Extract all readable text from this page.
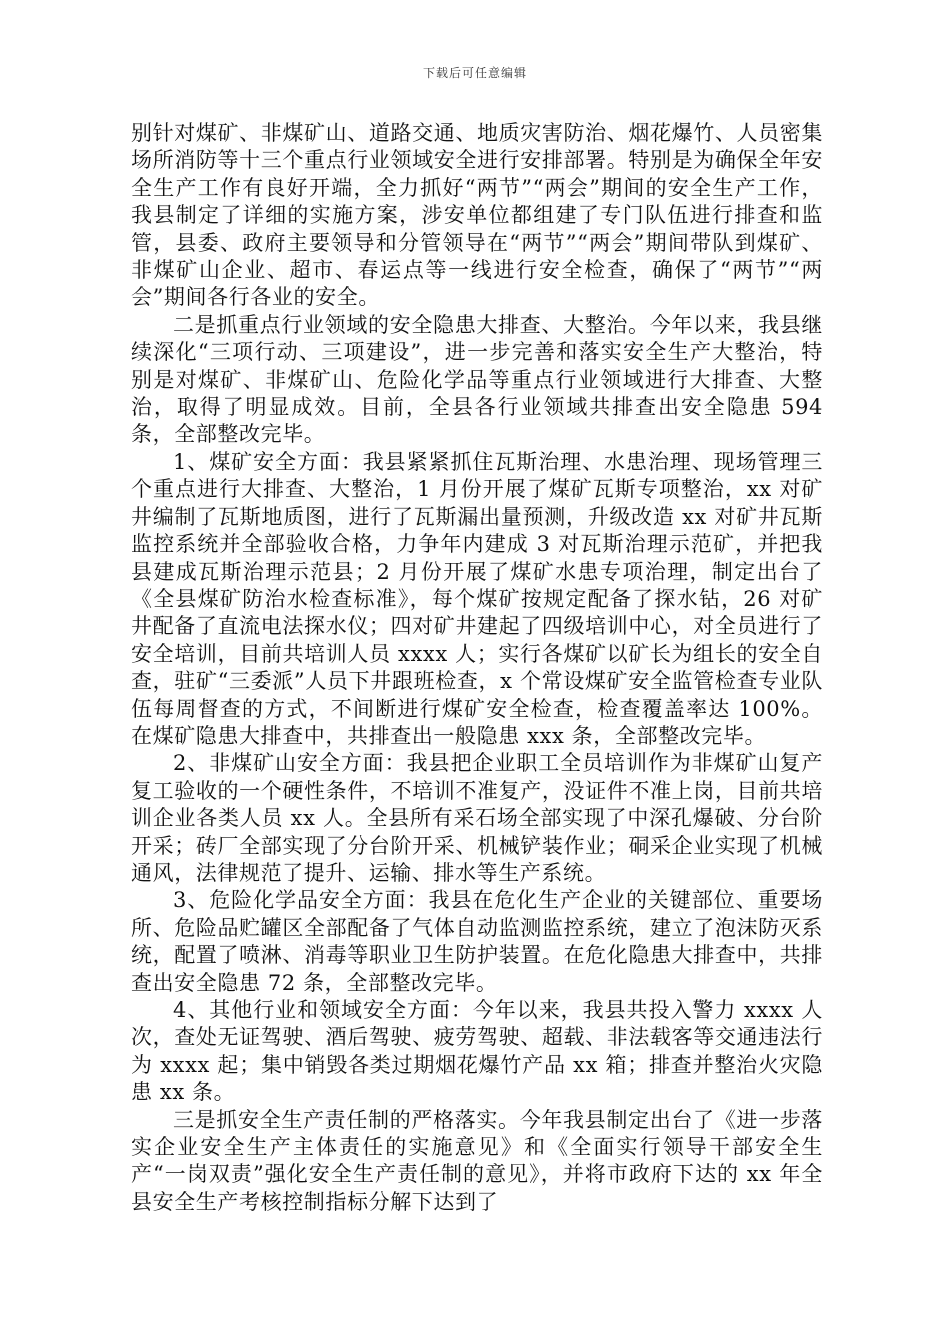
下载后可任意编辑

别针对煤矿、非煤矿山、道路交通、地质灾害防治、烟花爆竹、人员密集场所消防等十三个重点行业领域安全进行安排部署。特别是为确保全年安全生产工作有良好开端，全力抓好“两节”“两会”期间的安全生产工作，我县制定了详细的实施方案，涉安单位都组建了专门队伍进行排查和监管，县委、政府主要领导和分管领导在“两节”“两会”期间带队到煤矿、非煤矿山企业、超市、春运点等一线进行安全检查，确保了“两节”“两会”期间各行各业的安全。

二是抓重点行业领域的安全隐患大排查、大整治。今年以来，我县继续深化“三项行动、三项建设”，进一步完善和落实安全生产大整治，特别是对煤矿、非煤矿山、危险化学品等重点行业领域进行大排查、大整治，取得了明显成效。目前，全县各行业领域共排查出安全隐患 594 条，全部整改完毕。

1、煤矿安全方面：我县紧紧抓住瓦斯治理、水患治理、现场管理三个重点进行大排查、大整治，1 月份开展了煤矿瓦斯专项整治，xx 对矿井编制了瓦斯地质图，进行了瓦斯漏出量预测，升级改造 xx 对矿井瓦斯监控系统并全部验收合格，力争年内建成 3 对瓦斯治理示范矿，并把我县建成瓦斯治理示范县；2 月份开展了煤矿水患专项治理，制定出台了《全县煤矿防治水检查标准》，每个煤矿按规定配备了探水钻，26 对矿井配备了直流电法探水仪；四对矿井建起了四级培训中心，对全员进行了安全培训，目前共培训人员 xxxx 人；实行各煤矿以矿长为组长的安全自查，驻矿“三委派”人员下井跟班检查，x 个常设煤矿安全监管检查专业队伍每周督查的方式，不间断进行煤矿安全检查，检查覆盖率达 100%。在煤矿隐患大排查中，共排查出一般隐患 xxx 条，全部整改完毕。

2、非煤矿山安全方面：我县把企业职工全员培训作为非煤矿山复产复工验收的一个硬性条件，不培训不准复产，没证件不准上岗，目前共培训企业各类人员 xx 人。全县所有采石场全部实现了中深孔爆破、分台阶开采；砖厂全部实现了分台阶开采、机械铲装作业；硐采企业实现了机械通风，法律规范了提升、运输、排水等生产系统。

3、危险化学品安全方面：我县在危化生产企业的关键部位、重要场所、危险品贮罐区全部配备了气体自动监测监控系统，建立了泡沫防灭系统，配置了喷淋、消毒等职业卫生防护装置。在危化隐患大排查中，共排查出安全隐患 72 条，全部整改完毕。

4、其他行业和领域安全方面：今年以来，我县共投入警力 xxxx 人次，查处无证驾驶、酒后驾驶、疲劳驾驶、超载、非法载客等交通违法行为 xxxx 起；集中销毁各类过期烟花爆竹产品 xx 箱；排查并整治火灾隐患 xx 条。

三是抓安全生产责任制的严格落实。今年我县制定出台了《进一步落实企业安全生产主体责任的实施意见》和《全面实行领导干部安全生产“一岗双责”强化安全生产责任制的意见》，并将市政府下达的 xx 年全县安全生产考核控制指标分解下达到了
